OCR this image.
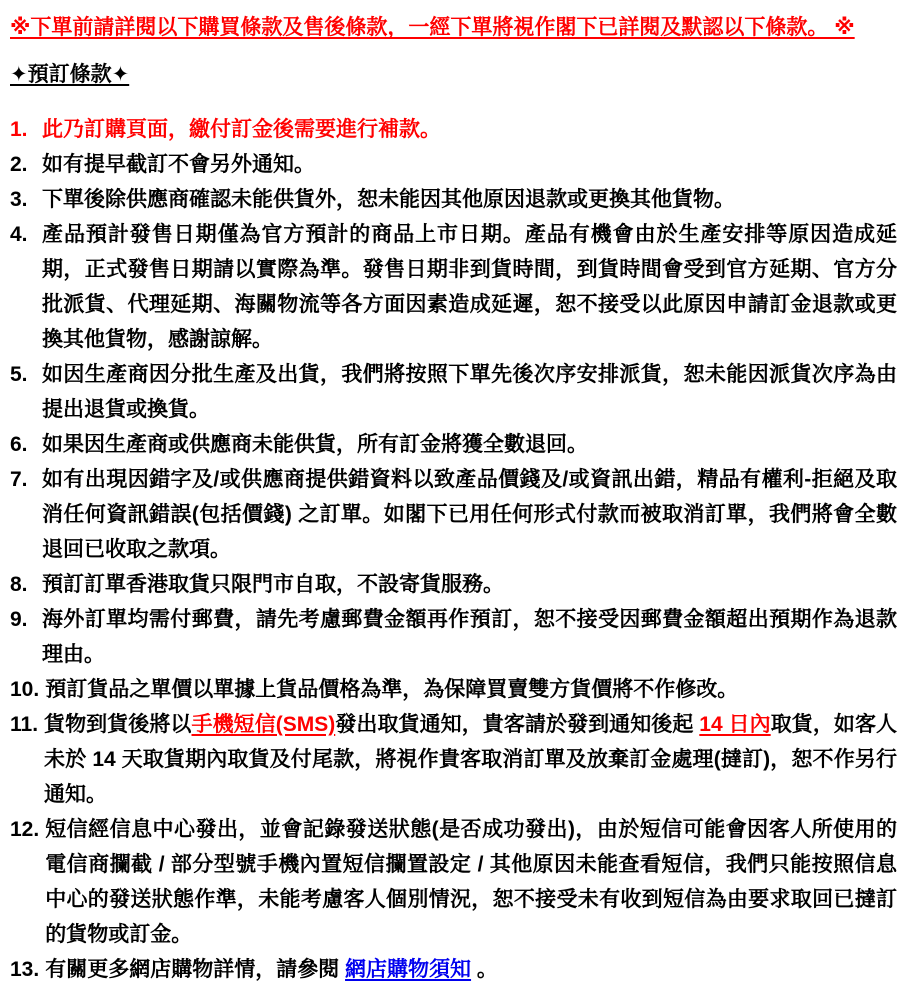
※下單前請詳閱以下購買條款及售後條款，一經下單將視作閣下已詳閱及默認以下條款。 ※
✦預訂條款✦
1. 此乃訂購頁面，繳付訂金後需要進行補款。
2. 如有提早截訂不會另外通知。
3. 下單後除供應商確認未能供貨外，恕未能因其他原因退款或更換其他貨物。
4. 產品預計發售日期僅為官方預計的商品上市日期。產品有機會由於生產安排等原因造成延期，正式發售日期請以實際為準。發售日期非到貨時間，到貨時間會受到官方延期、官方分批派貨、代理延期、海關物流等各方面因素造成延遲，恕不接受以此原因申請訂金退款或更換其他貨物，感謝諒解。
5. 如因生產商因分批生產及出貨，我們將按照下單先後次序安排派貨，恕未能因派貨次序為由提出退貨或換貨。
6. 如果因生產商或供應商未能供貨，所有訂金將獲全數退回。
7. 如有出現因錯字及/或供應商提供錯資料以致產品價錢及/或資訊出錯，精品有權利-拒絕及取消任何資訊錯誤(包括價錢) 之訂單。如閣下已用任何形式付款而被取消訂單，我們將會全數退回已收取之款項。
8. 預訂訂單香港取貨只限門市自取，不設寄貨服務。
9. 海外訂單均需付郵費，請先考慮郵費金額再作預訂，恕不接受因郵費金額超出預期作為退款理由。
10. 預訂貨品之單價以單據上貨品價格為準，為保障買賣雙方貨價將不作修改。
11. 貨物到貨後將以手機短信(SMS)發出取貨通知，貴客請於發到通知後起 14 日內取貨，如客人未於 14 天取貨期內取貨及付尾款，將視作貴客取消訂單及放棄訂金處理(撻訂)，恕不作另行通知。
12. 短信經信息中心發出，並會記錄發送狀態(是否成功發出)，由於短信可能會因客人所使用的電信商攔截 / 部分型號手機內置短信攔置設定 / 其他原因未能查看短信，我們只能按照信息中心的發送狀態作準，未能考慮客人個別情況，恕不接受未有收到短信為由要求取回已撻訂的貨物或訂金。
13. 有關更多網店購物詳情，請參閱 網店購物須知 。
